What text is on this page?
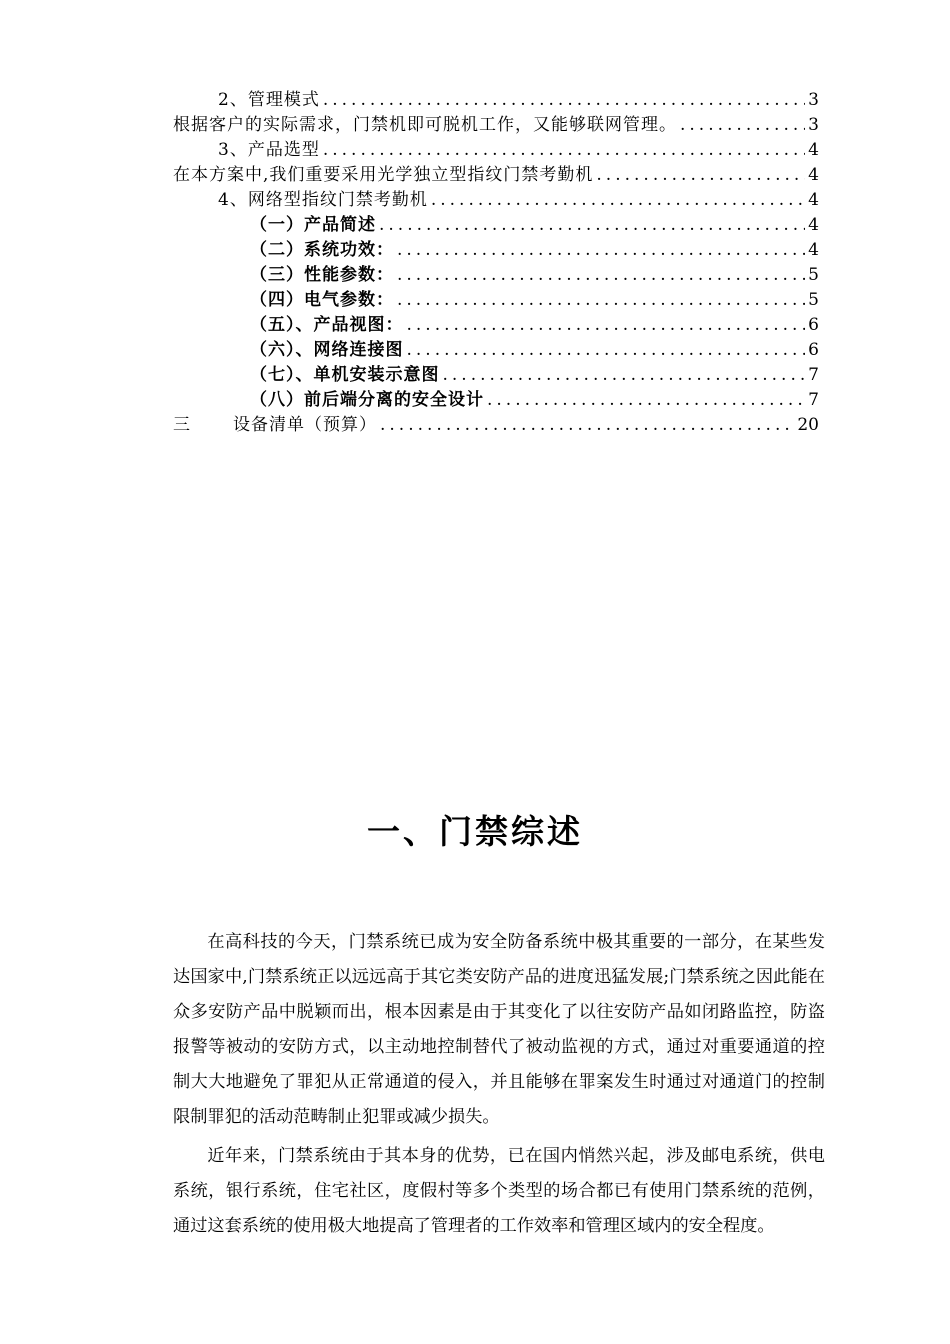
2、管理模式 .....	3
根据客户的实际需求，门禁机即可脱机工作，又能够联网管理。 .....	3
3、产品选型 .....	4
在本方案中,我们重要采用光学独立型指纹门禁考勤机 .....	4
4、网络型指纹门禁考勤机 .....	4
（一）产品简述 .....	4
（二）系统功效： .....	4
（三）性能参数： .....	5
（四）电气参数： .....	5
（五）、产品视图： .....	6
（六）、网络连接图 .....	6
（七）、单机安装示意图 .....	7
（八）前后端分离的安全设计 .....	7
三 设备清单（预算） .....	20
一、门禁综述

在高科技的今天，门禁系统已成为安全防备系统中极其重要的一部分，在某些发达国家中,门禁系统正以远远高于其它类安防产品的进度迅猛发展;门禁系统之因此能在众多安防产品中脱颖而出，根本因素是由于其变化了以往安防产品如闭路监控，防盗报警等被动的安防方式，以主动地控制替代了被动监视的方式，通过对重要通道的控制大大地避免了罪犯从正常通道的侵入，并且能够在罪案发生时通过对通道门的控制限制罪犯的活动范畴制止犯罪或减少损失。

近年来，门禁系统由于其本身的优势，已在国内悄然兴起，涉及邮电系统，供电系统，银行系统，住宅社区，度假村等多个类型的场合都已有使用门禁系统的范例，通过这套系统的使用极大地提高了管理者的工作效率和管理区域内的安全程度。
